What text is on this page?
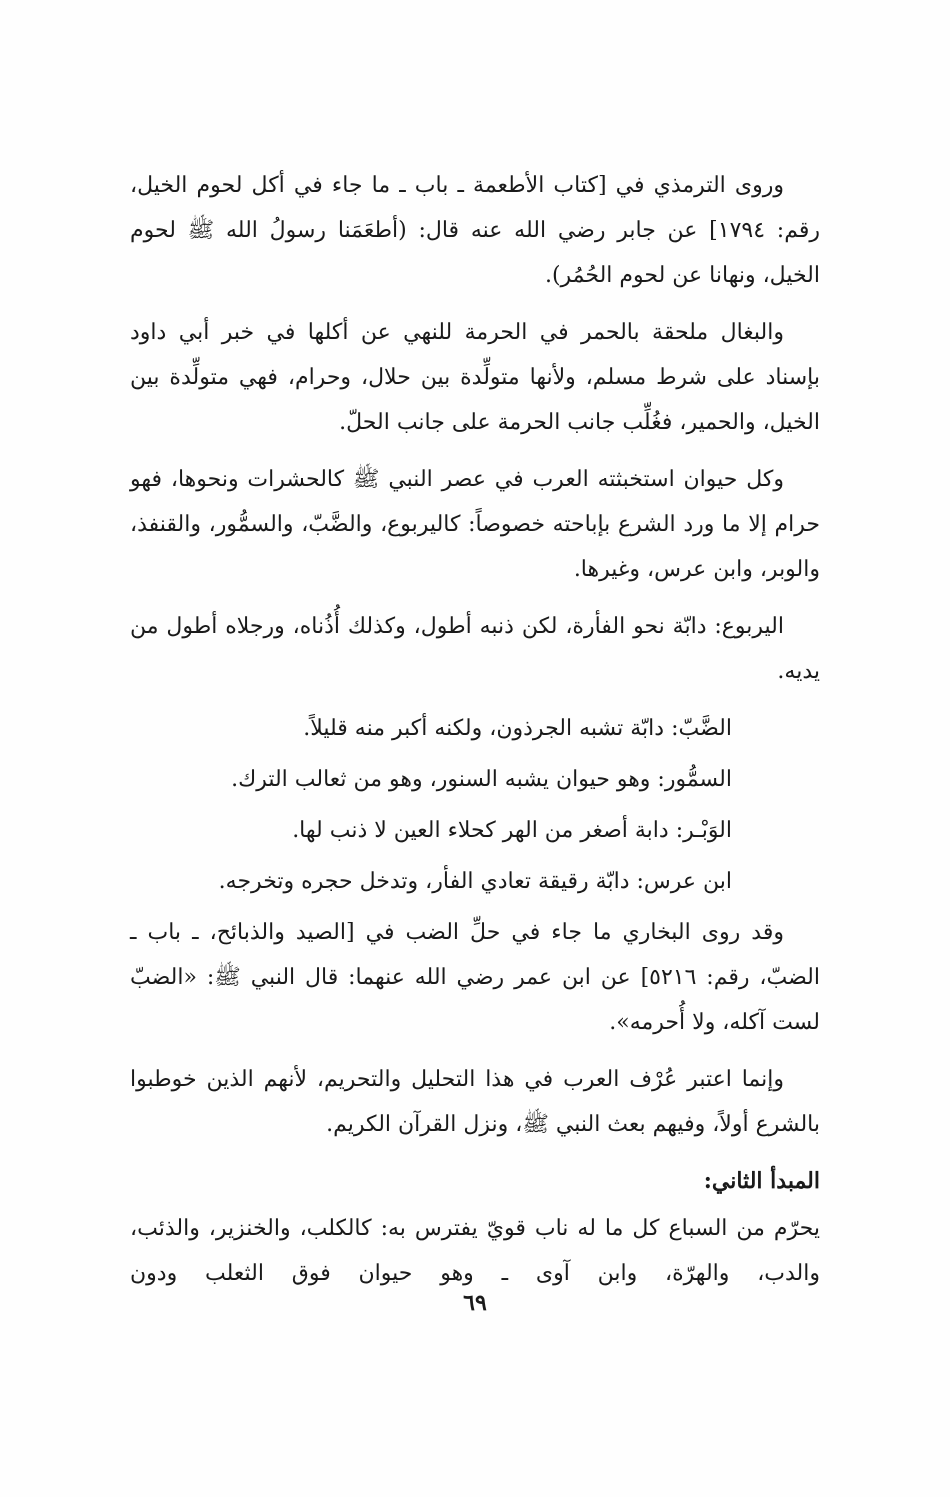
وروى الترمذي في [كتاب الأطعمة ـ باب ـ ما جاء في أكل لحوم الخيل، رقم: ١٧٩٤] عن جابر رضي الله عنه قال: (أطعَمَنا رسولُ الله ﷺ لحوم الخيل، ونهانا عن لحوم الحُمُر).

والبغال ملحقة بالحمر في الحرمة للنهي عن أكلها في خبر أبي داود بإسناد على شرط مسلم، ولأنها متولِّدة بين حلال، وحرام، فهي متولِّدة بين الخيل، والحمير، فغُلِّب جانب الحرمة على جانب الحلّ.

وكل حيوان استخبثته العرب في عصر النبي ﷺ كالحشرات ونحوها، فهو حرام إلا ما ورد الشرع بإباحته خصوصاً: كاليربوع، والضَّبّ، والسمُّور، والقنفذ، والوبر، وابن عرس، وغيرها.

اليربوع: دابّة نحو الفأرة، لكن ذنبه أطول، وكذلك أُذُناه، ورجلاه أطول من يديه.

الضَّبّ: دابّة تشبه الجرذون، ولكنه أكبر منه قليلاً.

السمُّور: وهو حيوان يشبه السنور، وهو من ثعالب الترك.

الوَبْـر: دابة أصغر من الهر كحلاء العين لا ذنب لها.

ابن عرس: دابّة رقيقة تعادي الفأر، وتدخل حجره وتخرجه.

وقد روى البخاري ما جاء في حلِّ الضب في [الصيد والذبائح، ـ باب ـ الضبّ، رقم: ٥٢١٦] عن ابن عمر رضي الله عنهما: قال النبي ﷺ: «الضبّ لست آكله، ولا أُحرمه».

وإنما اعتبر عُرْف العرب في هذا التحليل والتحريم، لأنهم الذين خوطبوا بالشرع أولاً، وفيهم بعث النبي ﷺ، ونزل القرآن الكريم.

المبدأ الثاني:

يحرّم من السباع كل ما له ناب قويّ يفترس به: كالكلب، والخنزير، والذئب، والدب، والهرّة، وابن آوى ـ وهو حيوان فوق الثعلب ودون

٦٩
